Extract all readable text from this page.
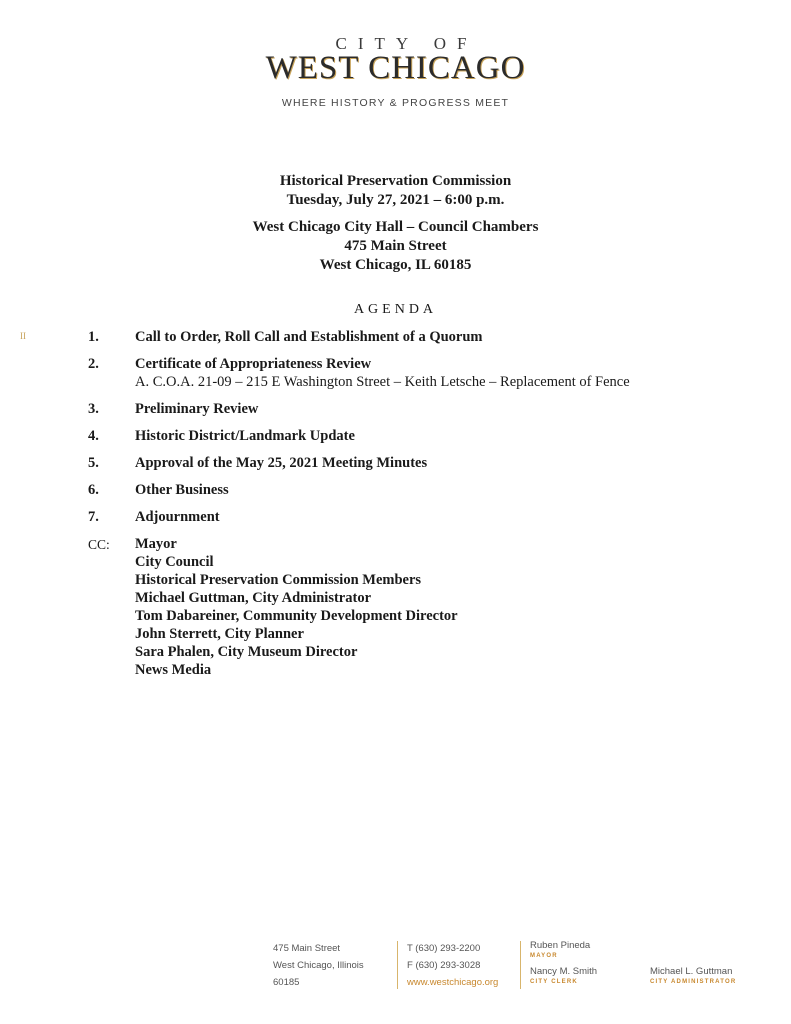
CITY OF
WEST CHICAGO
WHERE HISTORY & PROGRESS MEET
Historical Preservation Commission
Tuesday, July 27, 2021 – 6:00 p.m.
West Chicago City Hall – Council Chambers
475 Main Street
West Chicago, IL 60185
AGENDA
II	1. Call to Order, Roll Call and Establishment of a Quorum
2. Certificate of Appropriateness Review
A. C.O.A. 21-09 – 215 E Washington Street – Keith Letsche – Replacement of Fence
3. Preliminary Review
4. Historic District/Landmark Update
5. Approval of the May 25, 2021 Meeting Minutes
6. Other Business
7. Adjournment
CC: Mayor
City Council
Historical Preservation Commission Members
Michael Guttman, City Administrator
Tom Dabareiner, Community Development Director
John Sterrett, City Planner
Sara Phalen, City Museum Director
News Media
475 Main Street
West Chicago, Illinois
60185
T (630) 293-2200
F (630) 293-3028
www.westchicago.org
Ruben Pineda
MAYOR
Nancy M. Smith
CITY CLERK
Michael L. Guttman
CITY ADMINISTRATOR
